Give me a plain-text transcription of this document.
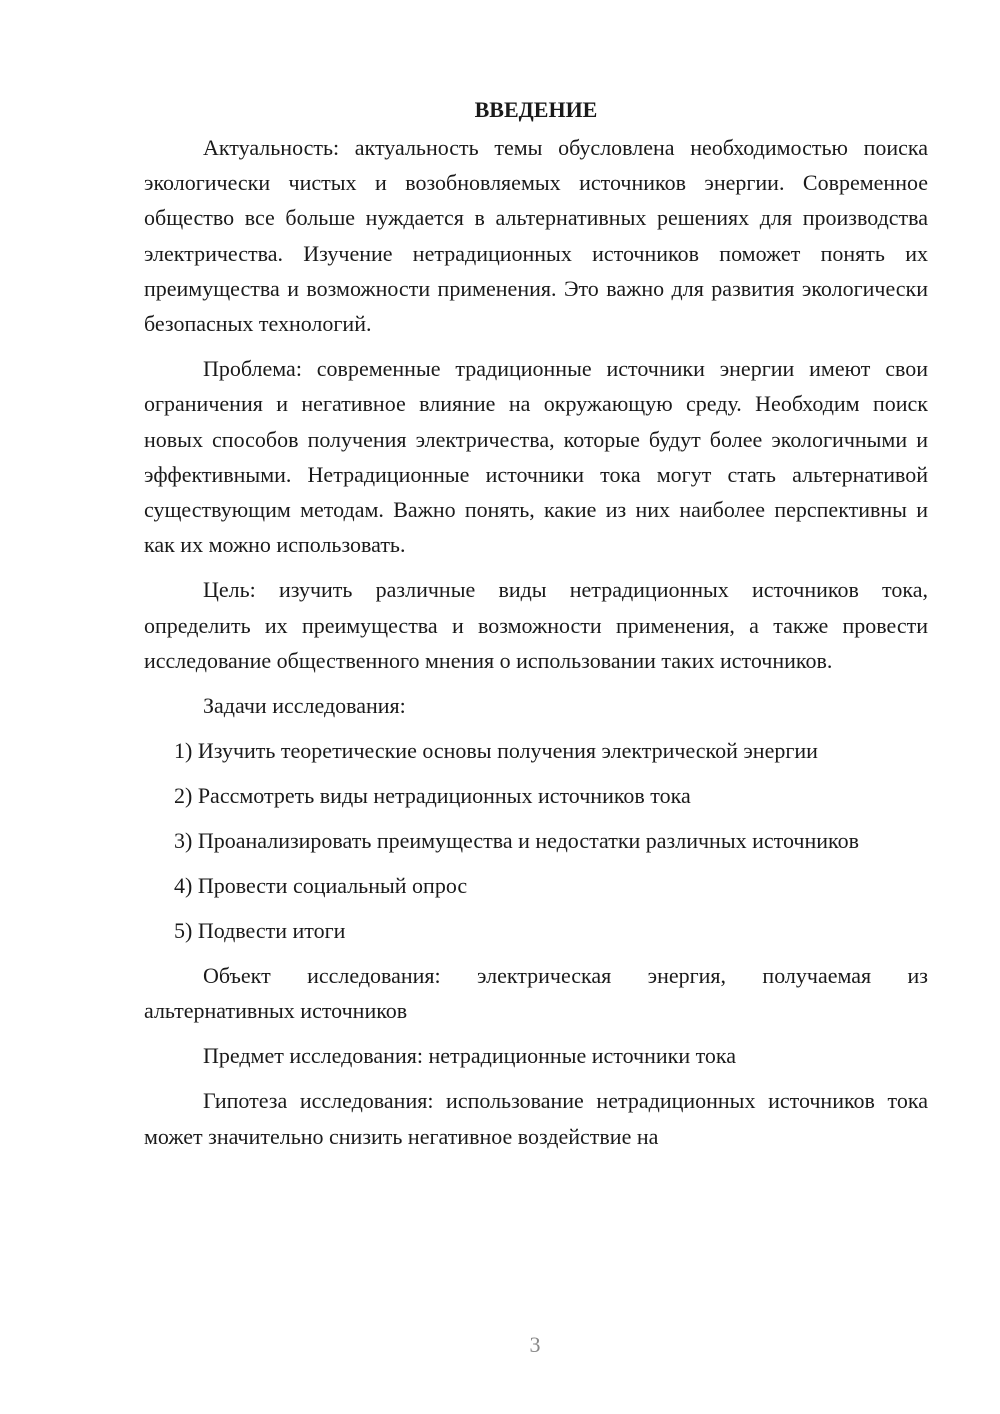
ВВЕДЕНИЕ

Актуальность: актуальность темы обусловлена необходимостью поиска экологически чистых и возобновляемых источников энергии. Современное общество все больше нуждается в альтернативных решениях для производства электричества. Изучение нетрадиционных источников поможет понять их преимущества и возможности применения. Это важно для развития экологически безопасных технологий.

Проблема: современные традиционные источники энергии имеют свои ограничения и негативное влияние на окружающую среду. Необходим поиск новых способов получения электричества, которые будут более экологичными и эффективными. Нетрадиционные источники тока могут стать альтернативой существующим методам. Важно понять, какие из них наиболее перспективны и как их можно использовать.

Цель: изучить различные виды нетрадиционных источников тока, определить их преимущества и возможности применения, а также провести исследование общественного мнения о использовании таких источников.

Задачи исследования:

1) Изучить теоретические основы получения электрической энергии

2) Рассмотреть виды нетрадиционных источников тока

3) Проанализировать преимущества и недостатки различных источников

4) Провести социальный опрос

5) Подвести итоги

Объект исследования: электрическая энергия, получаемая из альтернативных источников

Предмет исследования: нетрадиционные источники тока

Гипотеза исследования: использование нетрадиционных источников тока может значительно снизить негативное воздействие на

3
